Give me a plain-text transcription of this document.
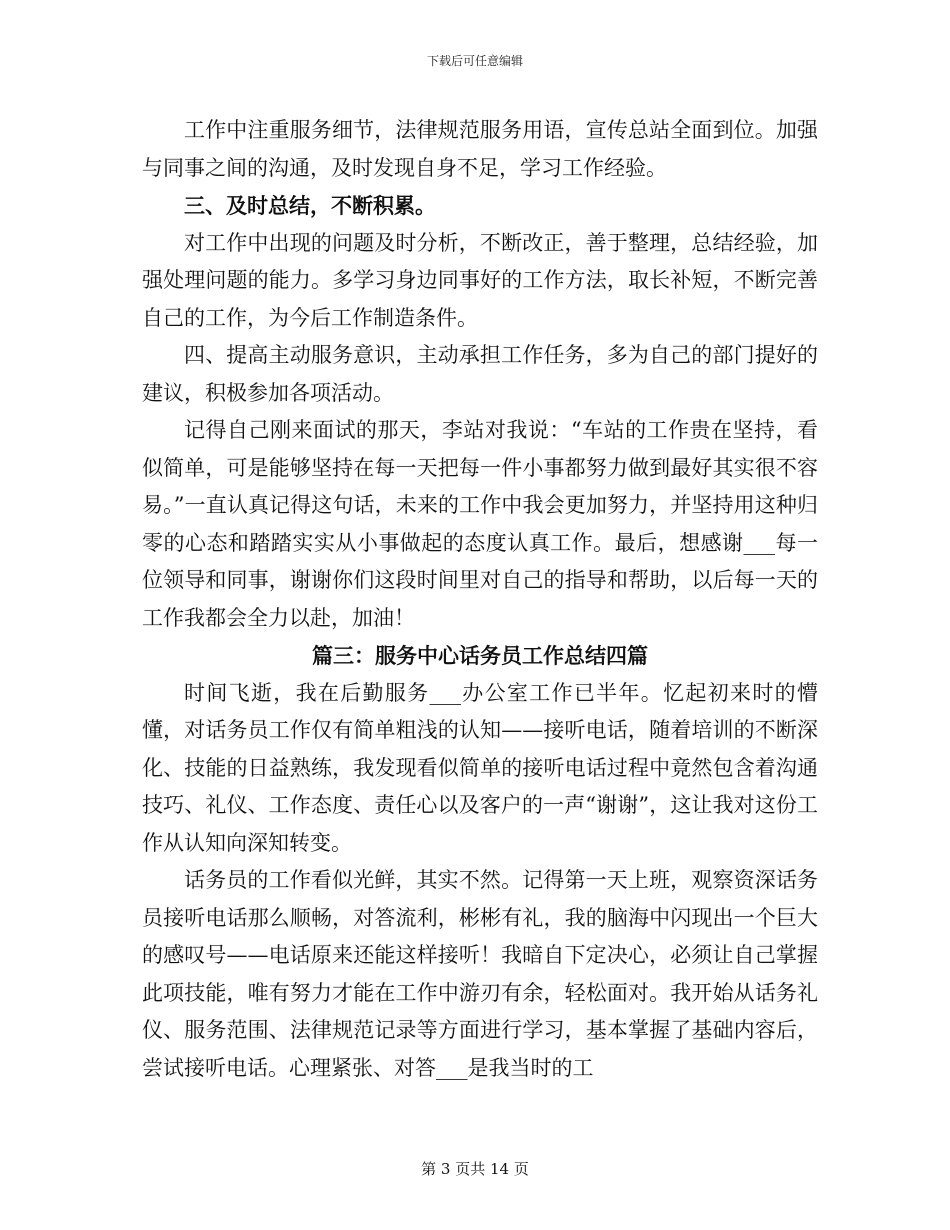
下载后可任意编辑

工作中注重服务细节，法律规范服务用语，宣传总站全面到位。加强与同事之间的沟通，及时发现自身不足，学习工作经验。

三、及时总结，不断积累。

对工作中出现的问题及时分析，不断改正，善于整理，总结经验，加强处理问题的能力。多学习身边同事好的工作方法，取长补短，不断完善自己的工作，为今后工作制造条件。

四、提高主动服务意识，主动承担工作任务，多为自己的部门提好的建议，积极参加各项活动。

记得自己刚来面试的那天，李站对我说：“车站的工作贵在坚持，看似简单，可是能够坚持在每一天把每一件小事都努力做到最好其实很不容易。”一直认真记得这句话，未来的工作中我会更加努力，并坚持用这种归零的心态和踏踏实实从小事做起的态度认真工作。最后，想感谢___每一位领导和同事，谢谢你们这段时间里对自己的指导和帮助，以后每一天的工作我都会全力以赴，加油！

篇三：服务中心话务员工作总结四篇

时间飞逝，我在后勤服务___办公室工作已半年。忆起初来时的懵懂，对话务员工作仅有简单粗浅的认知——接听电话，随着培训的不断深化、技能的日益熟练，我发现看似简单的接听电话过程中竟然包含着沟通技巧、礼仪、工作态度、责任心以及客户的一声“谢谢”，这让我对这份工作从认知向深知转变。

话务员的工作看似光鲜，其实不然。记得第一天上班，观察资深话务员接听电话那么顺畅，对答流利，彬彬有礼，我的脑海中闪现出一个巨大的感叹号——电话原来还能这样接听！我暗自下定决心，必须让自己掌握此项技能，唯有努力才能在工作中游刃有余，轻松面对。我开始从话务礼仪、服务范围、法律规范记录等方面进行学习，基本掌握了基础内容后，尝试接听电话。心理紧张、对答___是我当时的工

第 3 页共 14 页
